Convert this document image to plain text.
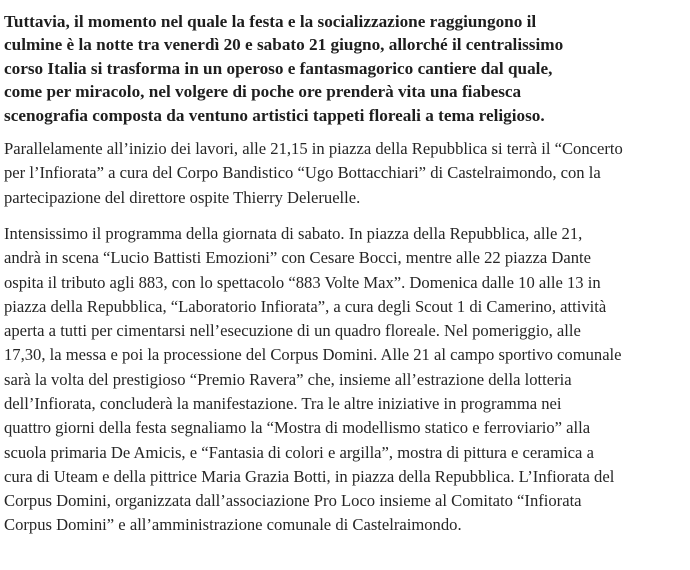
Tuttavia, il momento nel quale la festa e la socializzazione raggiungono il
culmine è la notte tra venerdì 20 e sabato 21 giugno, allorché il centralissimo
corso Italia si trasforma in un operoso e fantasmagorico cantiere dal quale,
come per miracolo, nel volgere di poche ore prenderà vita una fiabesca
scenografia composta da ventuno artistici tappeti floreali a tema religioso.

Parallelamente all’inizio dei lavori, alle 21,15 in piazza della Repubblica si terrà il “Concerto
per l’Infiorata” a cura del Corpo Bandistico “Ugo Bottacchiari” di Castelraimondo, con la
partecipazione del direttore ospite Thierry Deleruelle.

Intensissimo il programma della giornata di sabato. In piazza della Repubblica, alle 21,
andrà in scena “Lucio Battisti Emozioni” con Cesare Bocci, mentre alle 22 piazza Dante
ospita il tributo agli 883, con lo spettacolo “883 Volte Max”. Domenica dalle 10 alle 13 in
piazza della Repubblica, “Laboratorio Infiorata”, a cura degli Scout 1 di Camerino, attività
aperta a tutti per cimentarsi nell’esecuzione di un quadro floreale. Nel pomeriggio, alle
17,30, la messa e poi la processione del Corpus Domini. Alle 21 al campo sportivo comunale
sarà la volta del prestigioso “Premio Ravera” che, insieme all’estrazione della lotteria
dell’Infiorata, concluderà la manifestazione. Tra le altre iniziative in programma nei
quattro giorni della festa segnaliamo la “Mostra di modellismo statico e ferroviario” alla
scuola primaria De Amicis, e “Fantasia di colori e argilla”, mostra di pittura e ceramica a
cura di Uteam e della pittrice Maria Grazia Botti, in piazza della Repubblica. L’Infiorata del
Corpus Domini, organizzata dall’associazione Pro Loco insieme al Comitato “Infiorata
Corpus Domini” e all’amministrazione comunale di Castelraimondo.
